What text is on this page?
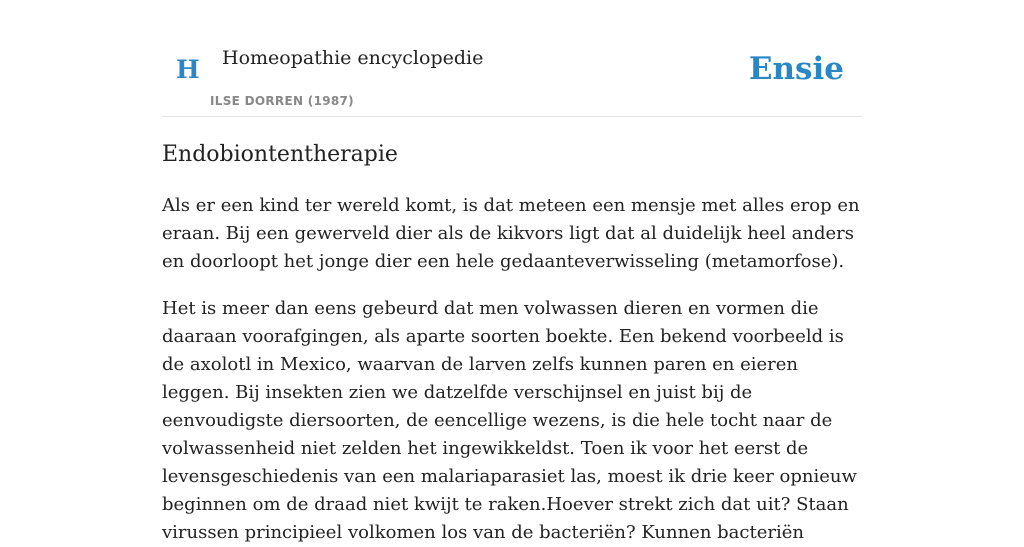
H Homeopathie encyclopedie
ILSE DORREN (1987)
Ensie
Endobiontentherapie

Als er een kind ter wereld komt, is dat meteen een mensje met alles erop en eraan. Bij een gewerveld dier als de kikvors ligt dat al duidelijk heel anders en doorloopt het jonge dier een hele gedaanteverwisseling (metamorfose).

Het is meer dan eens gebeurd dat men volwassen dieren en vormen die daaraan voorafgingen, als aparte soorten boekte. Een bekend voorbeeld is de axolotl in Mexico, waarvan de larven zelfs kunnen paren en eieren leggen. Bij insekten zien we datzelfde verschijnsel en juist bij de eenvoudigste diersoorten, de eencellige wezens, is die hele tocht naar de volwassenheid niet zelden het ingewikkeldst. Toen ik voor het eerst de levensgeschiedenis van een malariaparasiet las, moest ik drie keer opnieuw beginnen om de draad niet kwijt te raken.Hoever strekt zich dat uit? Staan virussen principieel volkomen los van de bacteriën? Kunnen bacteriën
